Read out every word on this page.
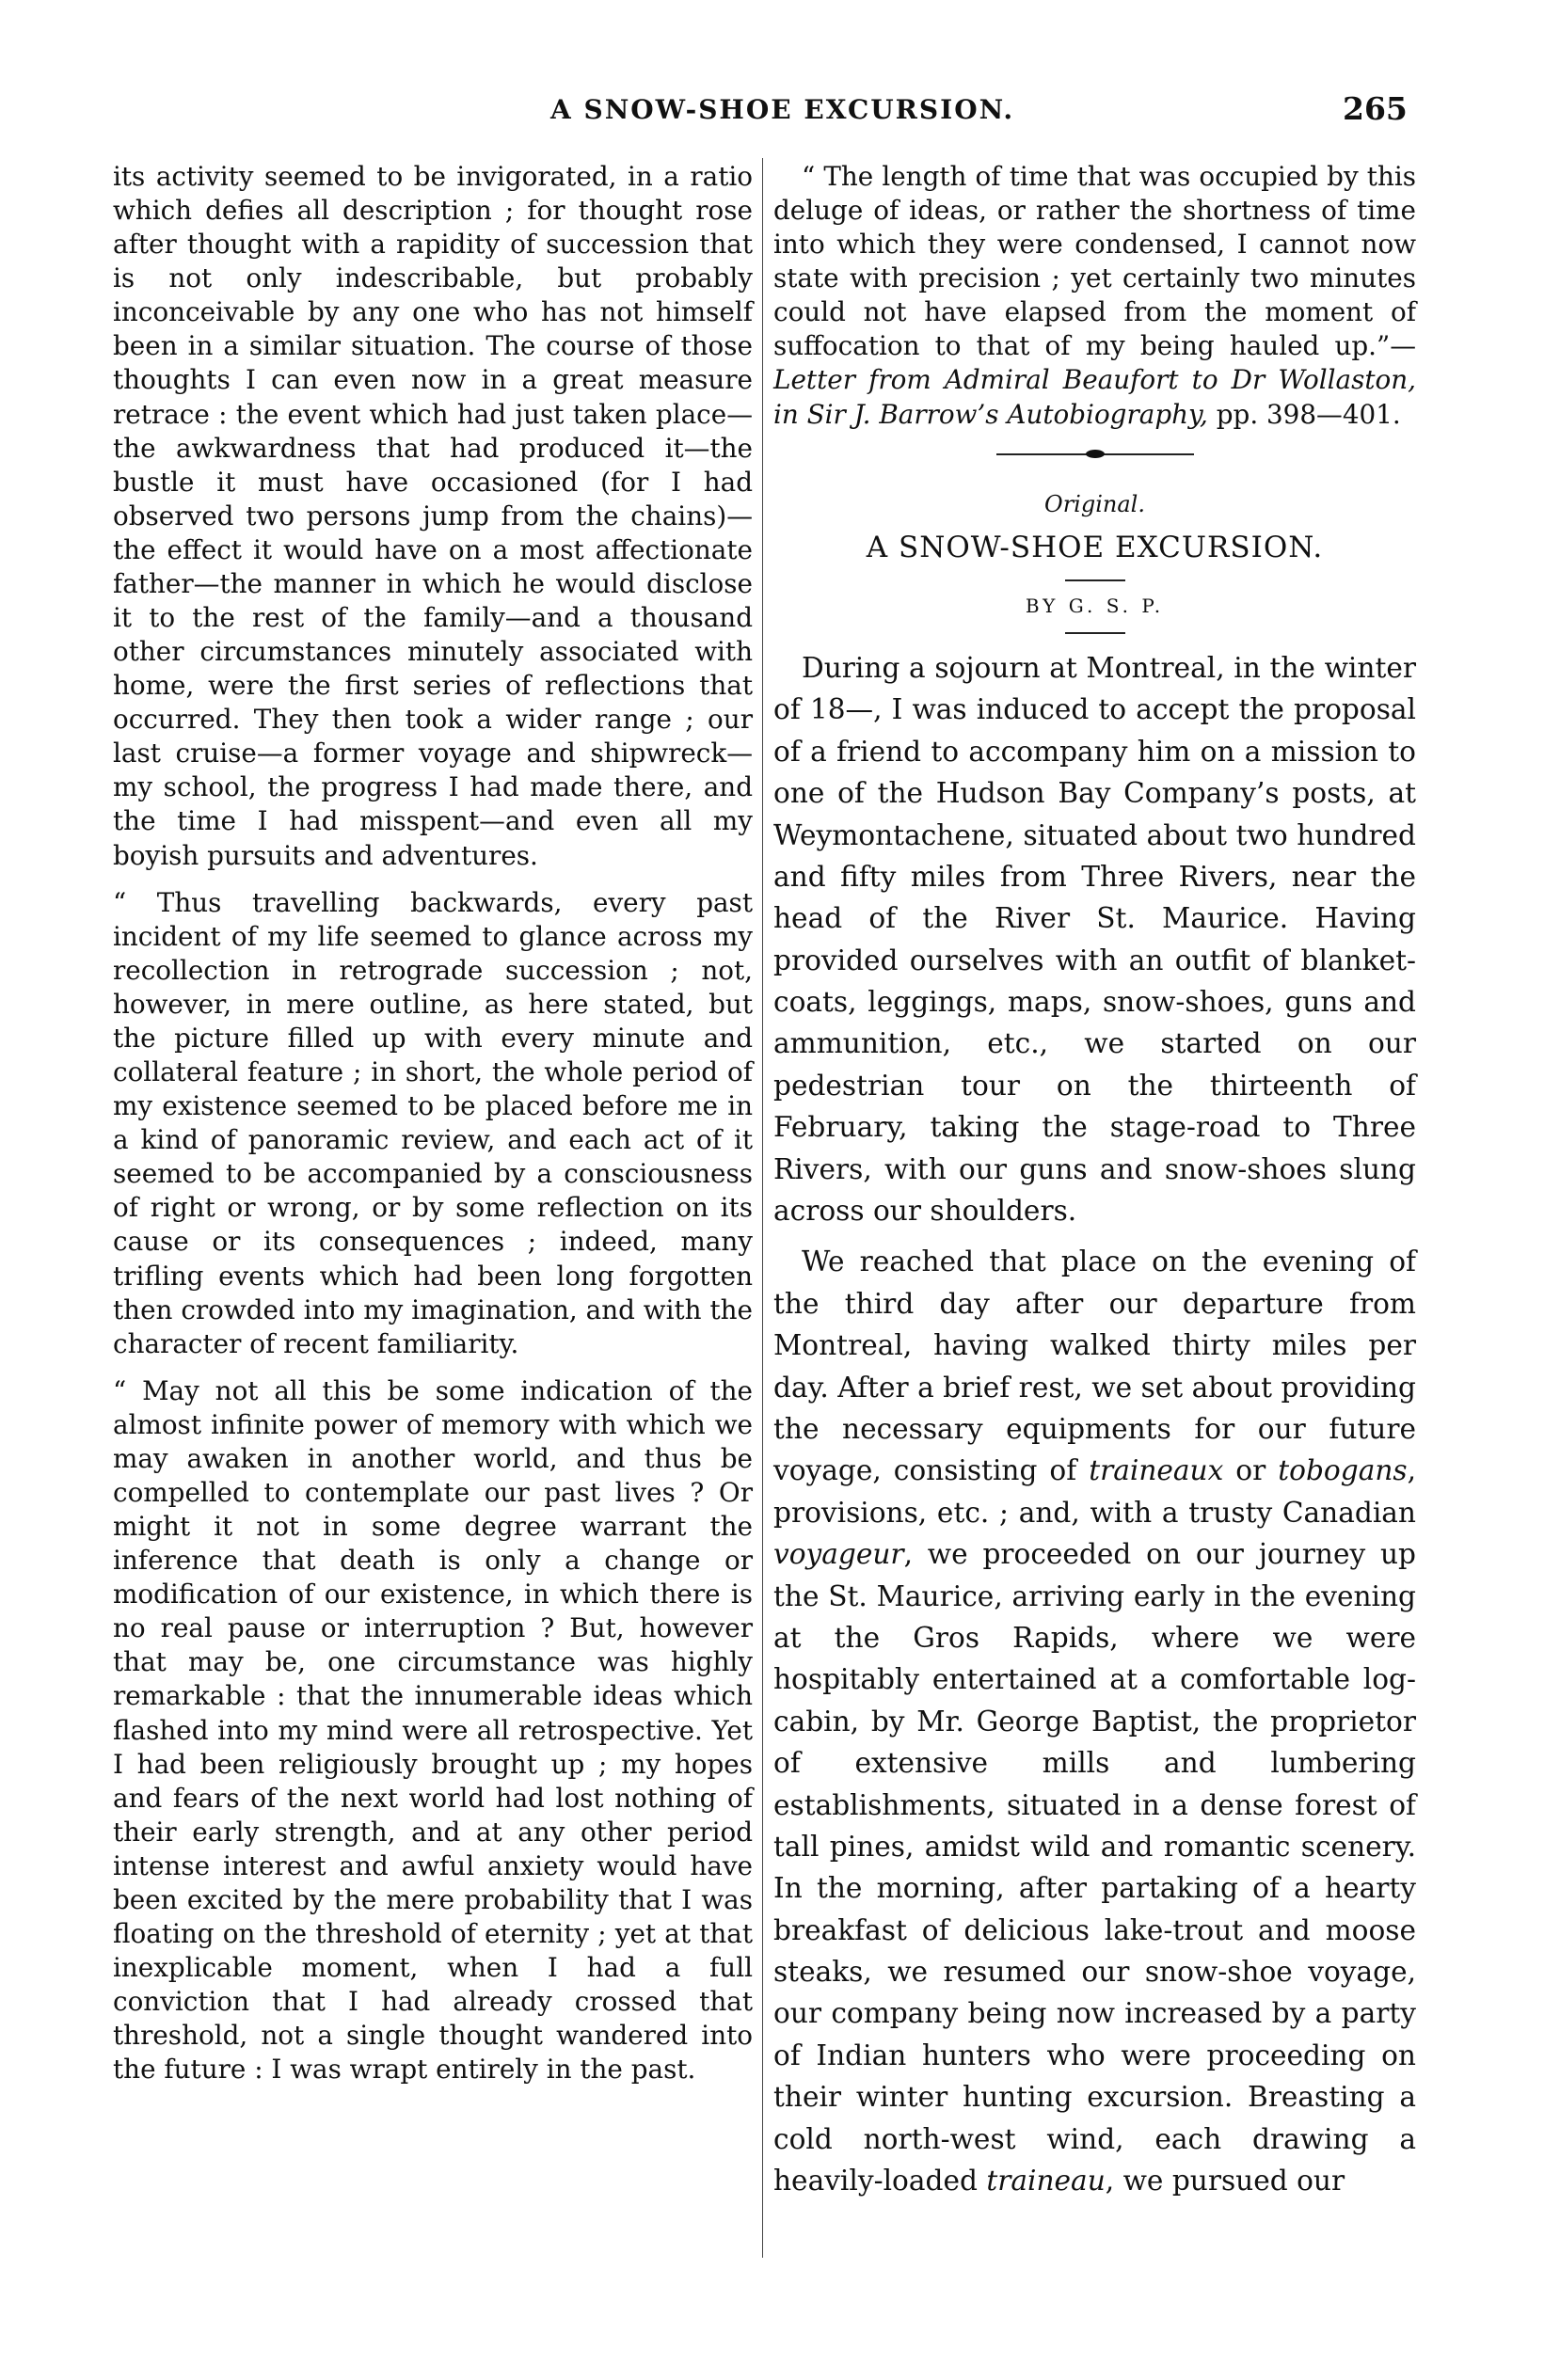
A SNOW-SHOE EXCURSION.	265

its activity seemed to be invigorated, in a ratio which defies all description ; for thought rose after thought with a rapidity of succession that is not only indescribable, but probably inconceivable by any one who has not himself been in a similar situation. The course of those thoughts I can even now in a great measure retrace : the event which had just taken place—the awkwardness that had produced it—the bustle it must have occasioned (for I had observed two persons jump from the chains)—the effect it would have on a most affectionate father—the manner in which he would disclose it to the rest of the family—and a thousand other circumstances minutely associated with home, were the first series of reflections that occurred. They then took a wider range ; our last cruise—a former voyage and shipwreck—my school, the progress I had made there, and the time I had misspent—and even all my boyish pursuits and adventures.

“ Thus travelling backwards, every past incident of my life seemed to glance across my recollection in retrograde succession ; not, however, in mere outline, as here stated, but the picture filled up with every minute and collateral feature ; in short, the whole period of my existence seemed to be placed before me in a kind of panoramic review, and each act of it seemed to be accompanied by a consciousness of right or wrong, or by some reflection on its cause or its consequences ; indeed, many trifling events which had been long forgotten then crowded into my imagination, and with the character of recent familiarity.

“ May not all this be some indication of the almost infinite power of memory with which we may awaken in another world, and thus be compelled to contemplate our past lives ? Or might it not in some degree warrant the inference that death is only a change or modification of our existence, in which there is no real pause or interruption ? But, however that may be, one circumstance was highly remarkable : that the innumerable ideas which flashed into my mind were all retrospective. Yet I had been religiously brought up ; my hopes and fears of the next world had lost nothing of their early strength, and at any other period intense interest and awful anxiety would have been excited by the mere probability that I was floating on the threshold of eternity ; yet at that inexplicable moment, when I had a full conviction that I had already crossed that threshold, not a single thought wandered into the future : I was wrapt entirely in the past.

“ The length of time that was occupied by this deluge of ideas, or rather the shortness of time into which they were condensed, I cannot now state with precision ; yet certainly two minutes could not have elapsed from the moment of suffocation to that of my being hauled up.”—Letter from Admiral Beaufort to Dr Wollaston, in Sir J. Barrow’s Autobiography, pp. 398—401.

Original.
A SNOW-SHOE EXCURSION.
BY G. S. P.

During a sojourn at Montreal, in the winter of 18—, I was induced to accept the proposal of a friend to accompany him on a mission to one of the Hudson Bay Company’s posts, at Weymontachene, situated about two hundred and fifty miles from Three Rivers, near the head of the River St. Maurice. Having provided ourselves with an outfit of blanket-coats, leggings, maps, snow-shoes, guns and ammunition, etc., we started on our pedestrian tour on the thirteenth of February, taking the stage-road to Three Rivers, with our guns and snow-shoes slung across our shoulders.

We reached that place on the evening of the third day after our departure from Montreal, having walked thirty miles per day. After a brief rest, we set about providing the necessary equipments for our future voyage, consisting of traineaux or tobogans, provisions, etc. ; and, with a trusty Canadian voyageur, we proceeded on our journey up the St. Maurice, arriving early in the evening at the Gros Rapids, where we were hospitably entertained at a comfortable log-cabin, by Mr. George Baptist, the proprietor of extensive mills and lumbering establishments, situated in a dense forest of tall pines, amidst wild and romantic scenery. In the morning, after partaking of a hearty breakfast of delicious lake-trout and moose steaks, we resumed our snow-shoe voyage, our company being now increased by a party of Indian hunters who were proceeding on their winter hunting excursion. Breasting a cold north-west wind, each drawing a heavily-loaded traineau, we pursued our
